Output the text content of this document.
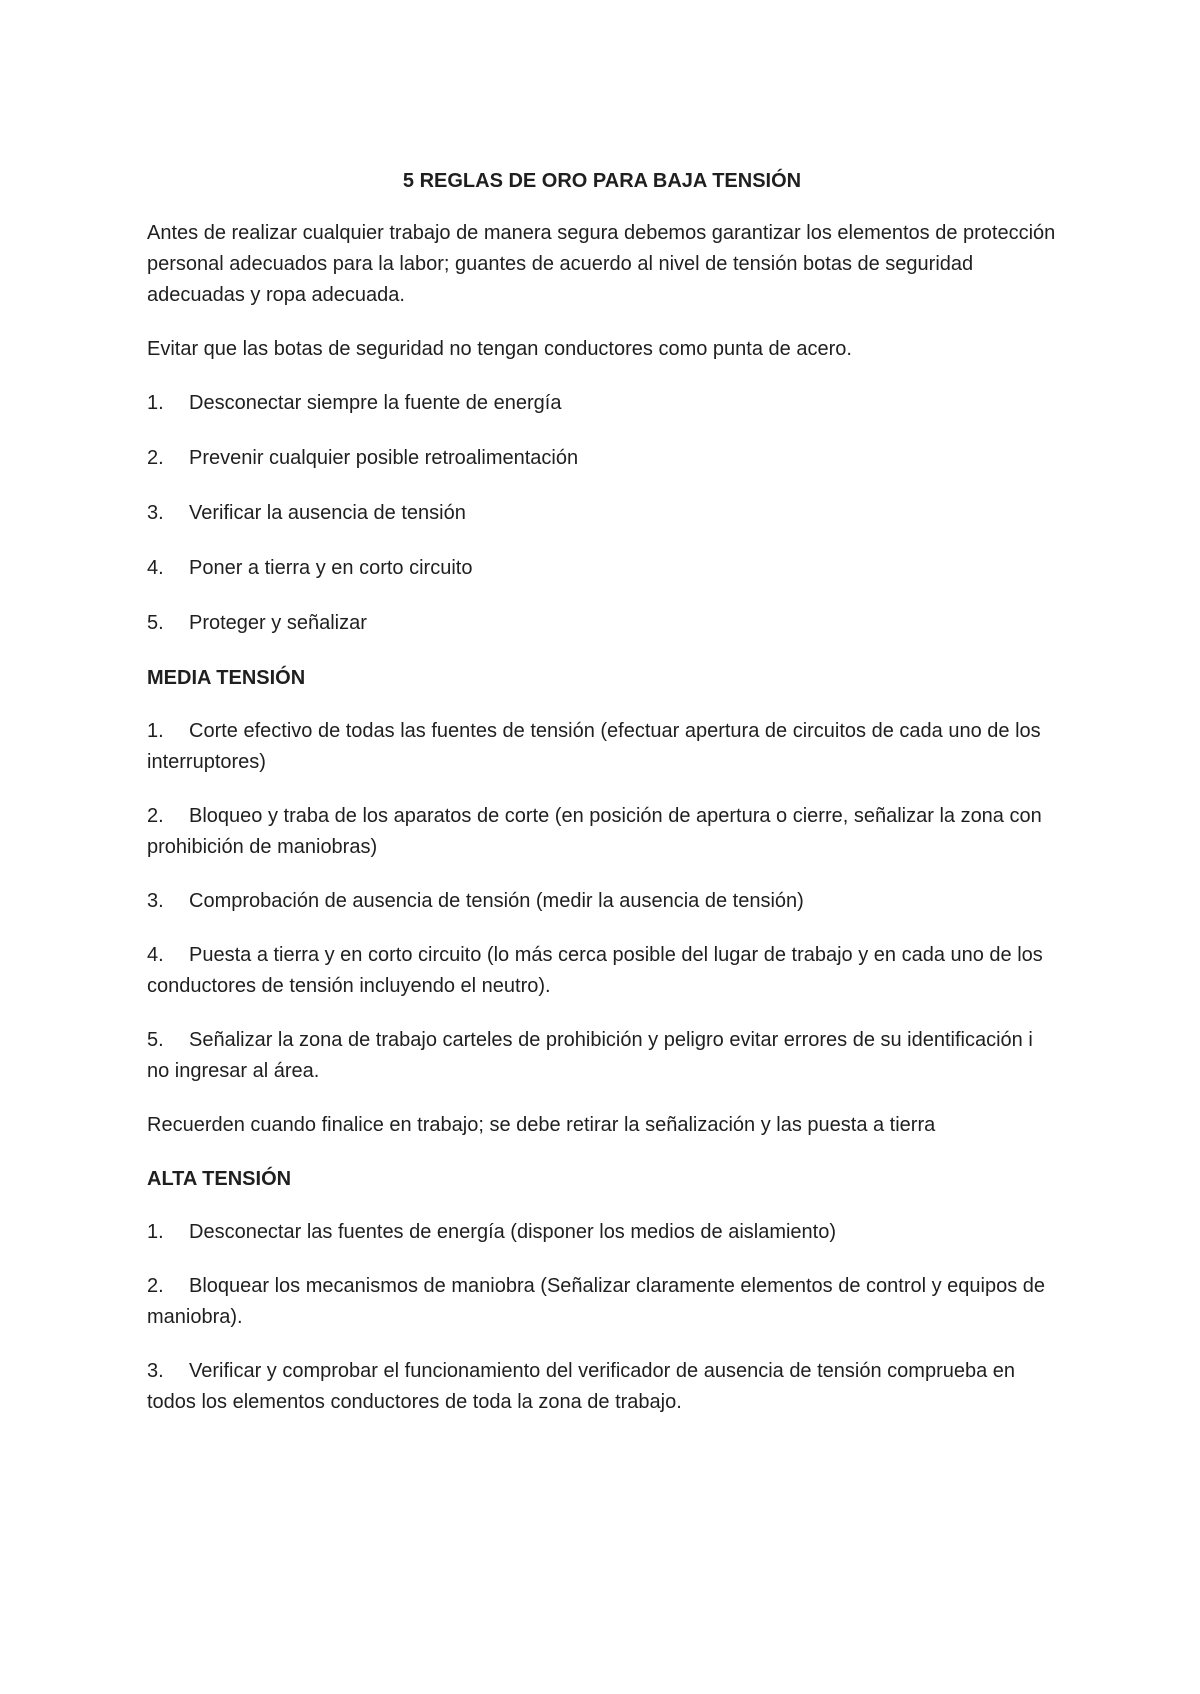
5 REGLAS DE ORO PARA BAJA TENSIÓN
Antes de realizar cualquier trabajo de manera segura debemos garantizar los elementos de protección personal adecuados para la labor; guantes de acuerdo al nivel de tensión botas de seguridad adecuadas y ropa adecuada.
Evitar que las botas de seguridad no tengan conductores como punta de acero.
1. Desconectar siempre la fuente de energía
2. Prevenir cualquier posible retroalimentación
3. Verificar la ausencia de tensión
4. Poner a tierra y en corto circuito
5. Proteger y señalizar
MEDIA TENSIÓN
1. Corte efectivo de todas las fuentes de tensión (efectuar apertura de circuitos de cada uno de los interruptores)
2. Bloqueo y traba de los aparatos de corte (en posición de apertura o cierre, señalizar la zona con prohibición de maniobras)
3. Comprobación de ausencia de tensión (medir la ausencia de tensión)
4. Puesta a tierra y en corto circuito (lo más cerca posible del lugar de trabajo y en cada uno de los conductores de tensión incluyendo el neutro).
5. Señalizar la zona de trabajo carteles de prohibición y peligro evitar errores de su identificación i no ingresar al área.
Recuerden cuando finalice en trabajo; se debe retirar la señalización y las puesta a tierra
ALTA TENSIÓN
1. Desconectar las fuentes de energía (disponer los medios de aislamiento)
2. Bloquear los mecanismos de maniobra (Señalizar claramente elementos de control y equipos de maniobra).
3. Verificar y comprobar el funcionamiento del verificador de ausencia de tensión comprueba en todos los elementos conductores de toda la zona de trabajo.
